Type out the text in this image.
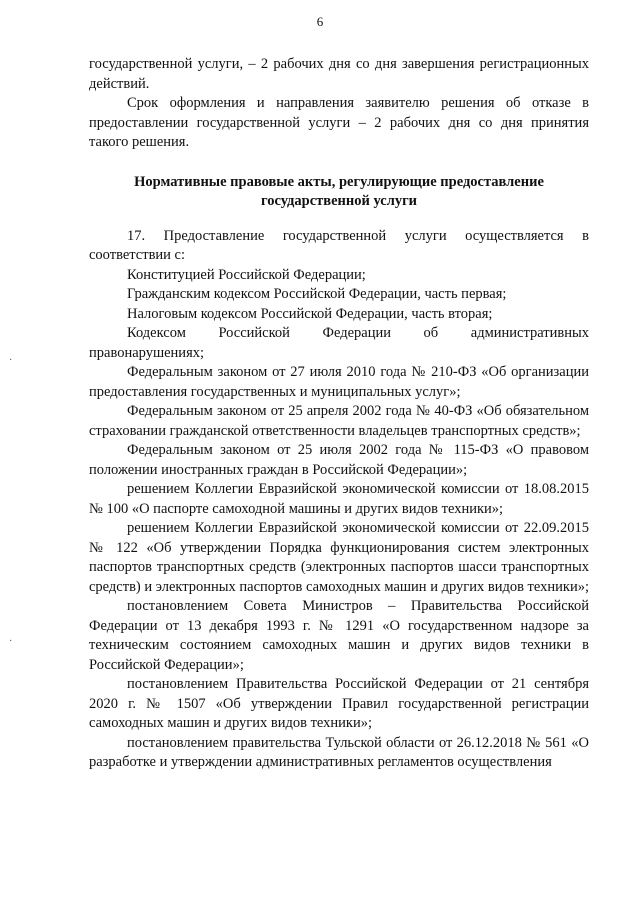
6
·
·

государственной услуги, – 2 рабочих дня со дня завершения регистрационных действий.

Срок оформления и направления заявителю решения об отказе в предоставлении государственной услуги – 2 рабочих дня со дня принятия такого решения.

Нормативные правовые акты, регулирующие предоставление государственной услуги

17. Предоставление государственной услуги осуществляется в соответствии с:

Конституцией Российской Федерации;

Гражданским кодексом Российской Федерации, часть первая;

Налоговым кодексом Российской Федерации, часть вторая;

Кодексом Российской Федерации об административных правонарушениях;

Федеральным законом от 27 июля 2010 года № 210-ФЗ «Об организации предоставления государственных и муниципальных услуг»;

Федеральным законом от 25 апреля 2002 года № 40-ФЗ «Об обязательном страховании гражданской ответственности владельцев транспортных средств»;

Федеральным законом от 25 июля 2002 года № 115-ФЗ «О правовом положении иностранных граждан в Российской Федерации»;

решением Коллегии Евразийской экономической комиссии от 18.08.2015 № 100 «О паспорте самоходной машины и других видов техники»;

решением Коллегии Евразийской экономической комиссии от 22.09.2015 № 122 «Об утверждении Порядка функционирования систем электронных паспортов транспортных средств (электронных паспортов шасси транспортных средств) и электронных паспортов самоходных машин и других видов техники»;

постановлением Совета Министров – Правительства Российской Федерации от 13 декабря 1993 г. № 1291 «О государственном надзоре за техническим состоянием самоходных машин и других видов техники в Российской Федерации»;

постановлением Правительства Российской Федерации от 21 сентября 2020 г. № 1507 «Об утверждении Правил государственной регистрации самоходных машин и других видов техники»;

постановлением правительства Тульской области от 26.12.2018 № 561 «О разработке и утверждении административных регламентов осуществления
